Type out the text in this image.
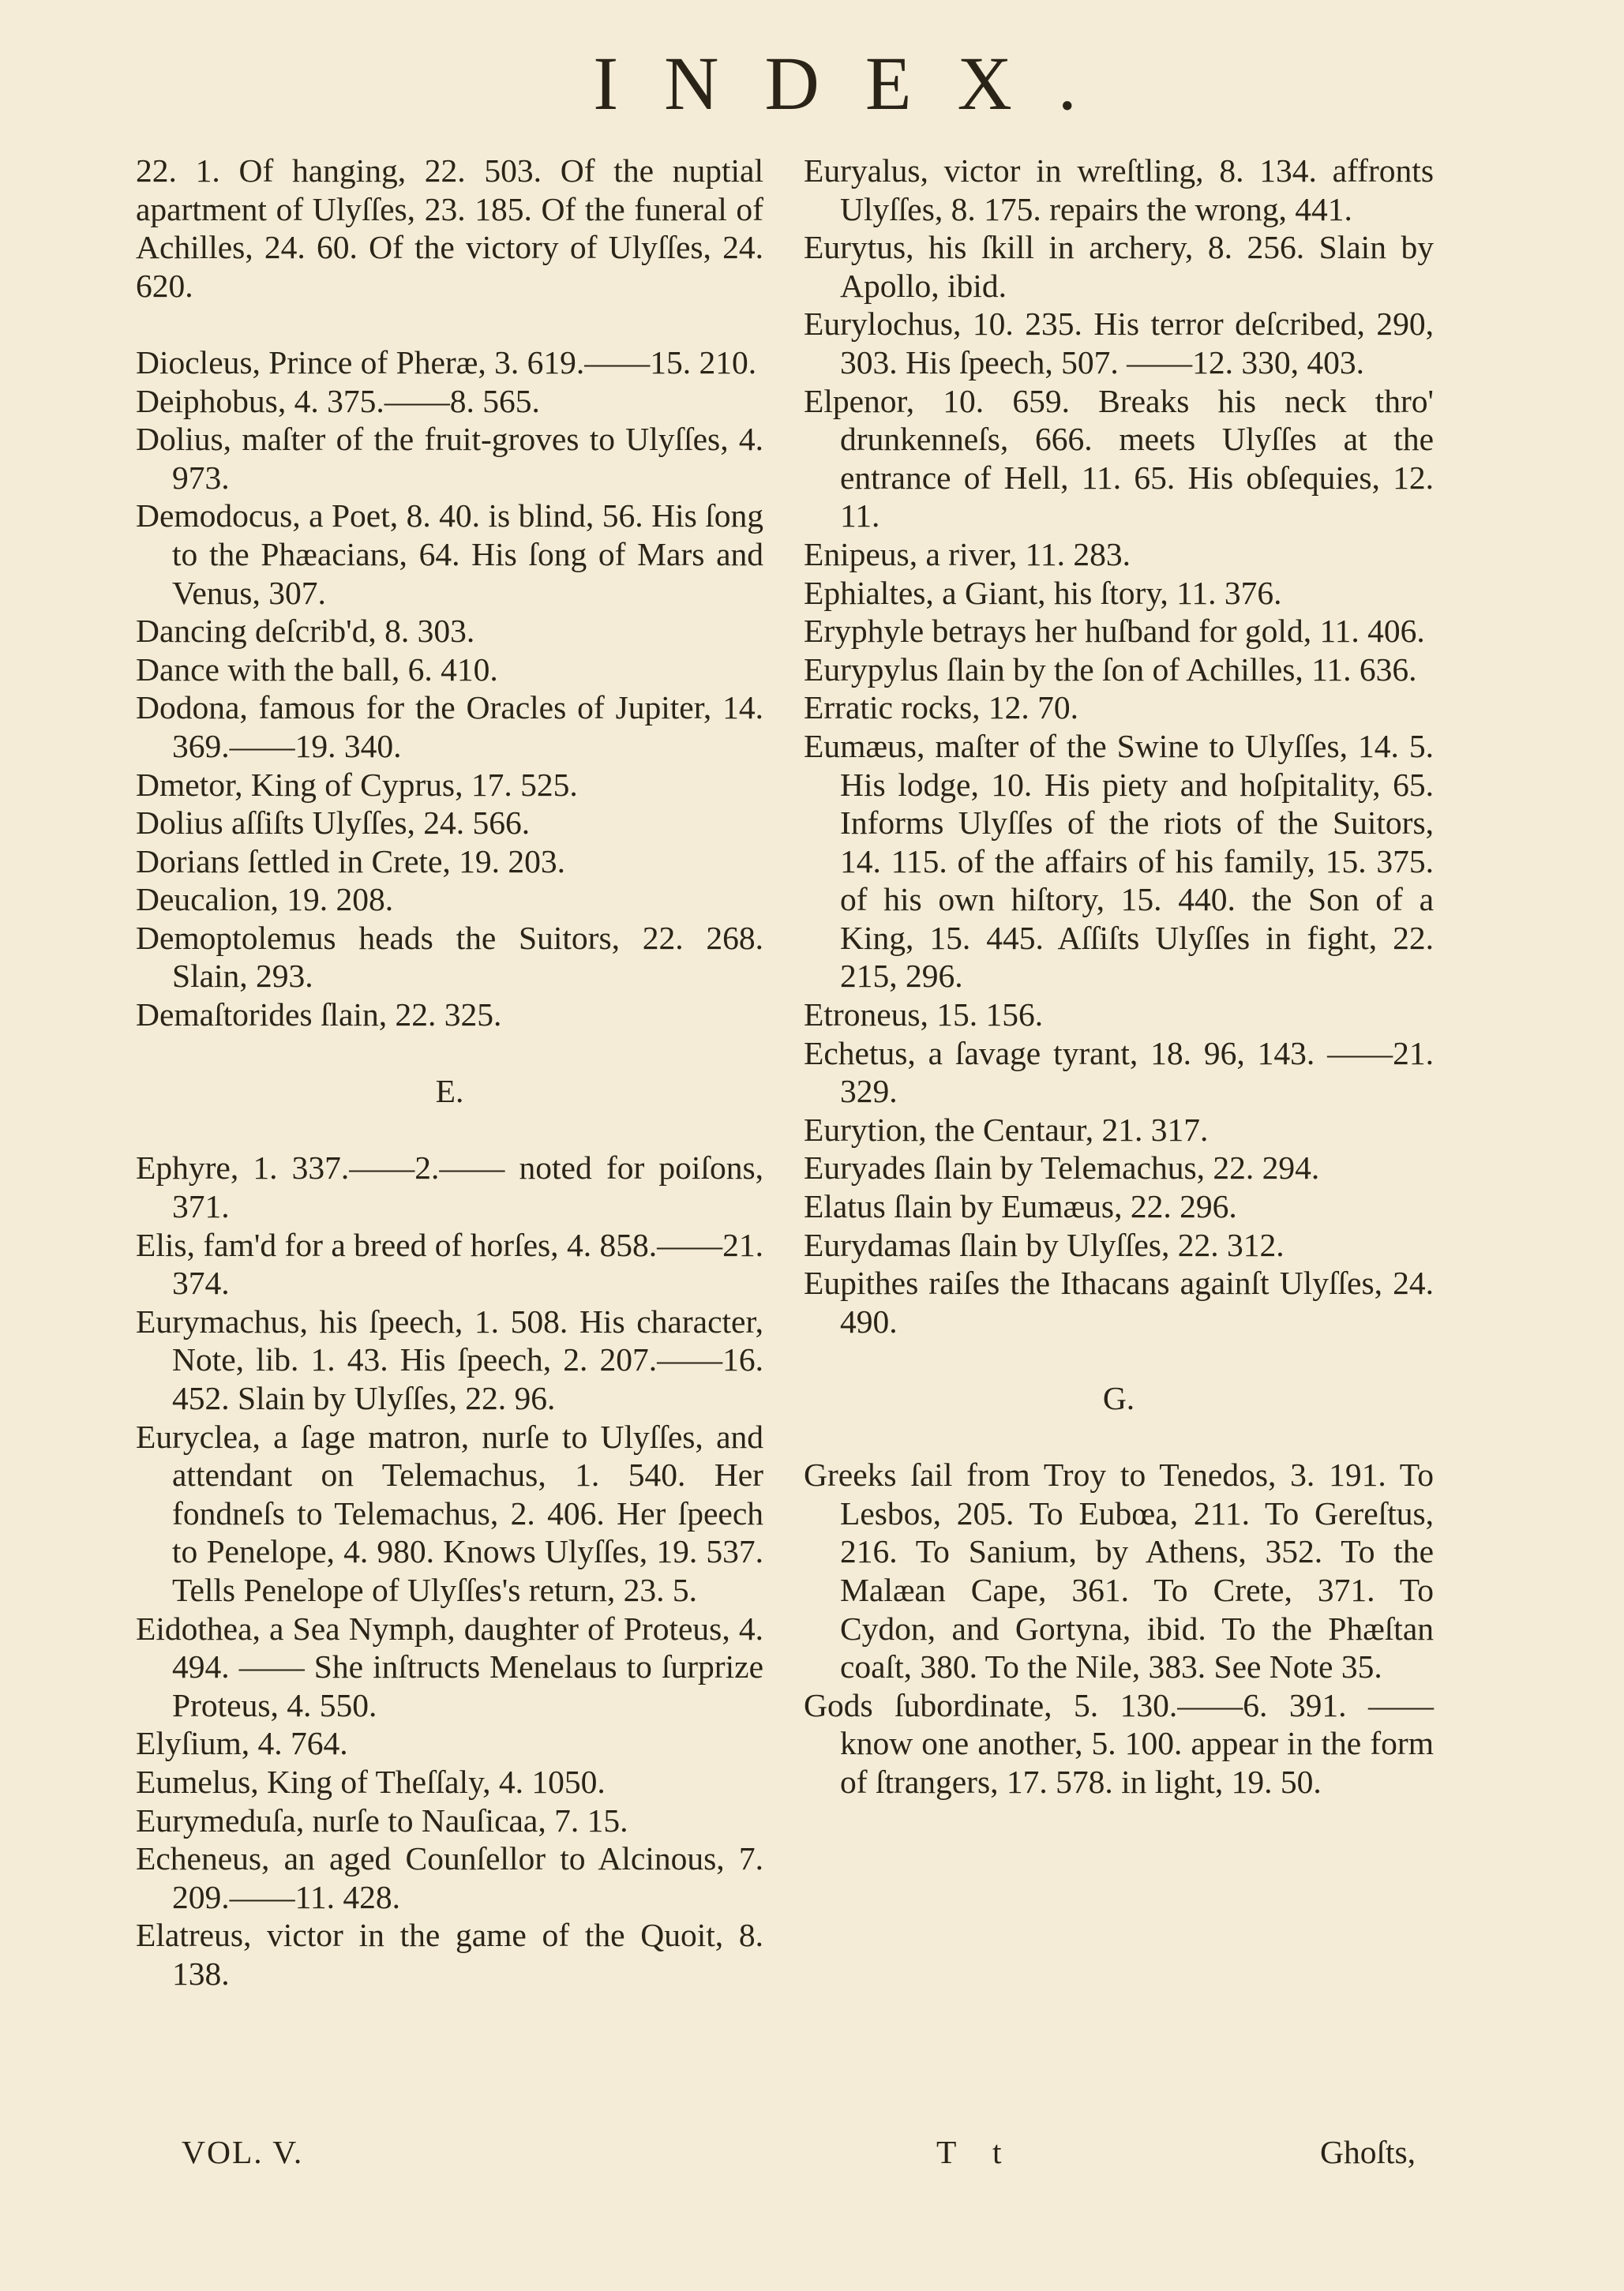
INDEX.
22. 1. Of hanging, 22. 503. Of the nuptial apartment of Ulyſſes, 23. 185. Of the funeral of Achilles, 24. 60. Of the victory of Ulyſſes, 24. 620.
Diocleus, Prince of Pheræ, 3. 619.——15. 210.
Deiphobus, 4. 375.——8. 565.
Dolius, maſter of the fruit-groves to Ulyſſes, 4. 973.
Demodocus, a Poet, 8. 40. is blind, 56. His ſong to the Phæacians, 64. His ſong of Mars and Venus, 307.
Dancing deſcrib'd, 8. 303.
Dance with the ball, 6. 410.
Dodona, famous for the Oracles of Jupiter, 14. 369.——19. 340.
Dmetor, King of Cyprus, 17. 525.
Dolius aſſiſts Ulyſſes, 24. 566.
Dorians ſettled in Crete, 19. 203.
Deucalion, 19. 208.
Demoptolemus heads the Suitors, 22. 268. Slain, 293.
Demaſtorides ſlain, 22. 325.
E.
Ephyre, 1. 337.——2.—— noted for poiſons, 371.
Elis, fam'd for a breed of horſes, 4. 858.——21. 374.
Eurymachus, his ſpeech, 1. 508. His character, Note, lib. 1. 43. His ſpeech, 2. 207.——16. 452. Slain by Ulyſſes, 22. 96.
Euryclea, a ſage matron, nurſe to Ulyſſes, and attendant on Telemachus, 1. 540. Her fondneſs to Telemachus, 2. 406. Her ſpeech to Penelope, 4. 980. Knows Ulyſſes, 19. 537. Tells Penelope of Ulyſſes's return, 23. 5.
Eidothea, a Sea Nymph, daughter of Proteus, 4. 494. —— She inſtructs Menelaus to ſurprize Proteus, 4. 550.
Elyſium, 4. 764.
Eumelus, King of Theſſaly, 4. 1050.
Eurymeduſa, nurſe to Nauſicaa, 7. 15.
Echeneus, an aged Counſellor to Alcinous, 7. 209.——11. 428.
Elatreus, victor in the game of the Quoit, 8. 138.
Euryalus, victor in wreſtling, 8. 134. affronts Ulyſſes, 8. 175. repairs the wrong, 441.
Eurytus, his ſkill in archery, 8. 256. Slain by Apollo, ibid.
Eurylochus, 10. 235. His terror deſcribed, 290, 303. His ſpeech, 507. ——12. 330, 403.
Elpenor, 10. 659. Breaks his neck thro' drunkenneſs, 666. meets Ulyſſes at the entrance of Hell, 11. 65. His obſequies, 12. 11.
Enipeus, a river, 11. 283.
Ephialtes, a Giant, his ſtory, 11. 376.
Eryphyle betrays her huſband for gold, 11. 406.
Eurypylus ſlain by the ſon of Achilles, 11. 636.
Erratic rocks, 12. 70.
Eumæus, maſter of the Swine to Ulyſſes, 14. 5. His lodge, 10. His piety and hoſpitality, 65. Informs Ulyſſes of the riots of the Suitors, 14. 115. of the affairs of his family, 15. 375. of his own hiſtory, 15. 440. the Son of a King, 15. 445. Aſſiſts Ulyſſes in fight, 22. 215, 296.
Etroneus, 15. 156.
Echetus, a ſavage tyrant, 18. 96, 143. ——21. 329.
Eurytion, the Centaur, 21. 317.
Euryades ſlain by Telemachus, 22. 294.
Elatus ſlain by Eumæus, 22. 296.
Eurydamas ſlain by Ulyſſes, 22. 312.
Eupithes raiſes the Ithacans againſt Ulyſſes, 24. 490.
G.
Greeks ſail from Troy to Tenedos, 3. 191. To Lesbos, 205. To Eubœa, 211. To Gereſtus, 216. To Sanium, by Athens, 352. To the Malæan Cape, 361. To Crete, 371. To Cydon, and Gortyna, ibid. To the Phæſtan coaſt, 380. To the Nile, 383. See Note 35.
Gods ſubordinate, 5. 130.——6. 391. ——know one another, 5. 100. appear in the form of ſtrangers, 17. 578. in light, 19. 50.
VOL. V.	T t	Ghoſts,
